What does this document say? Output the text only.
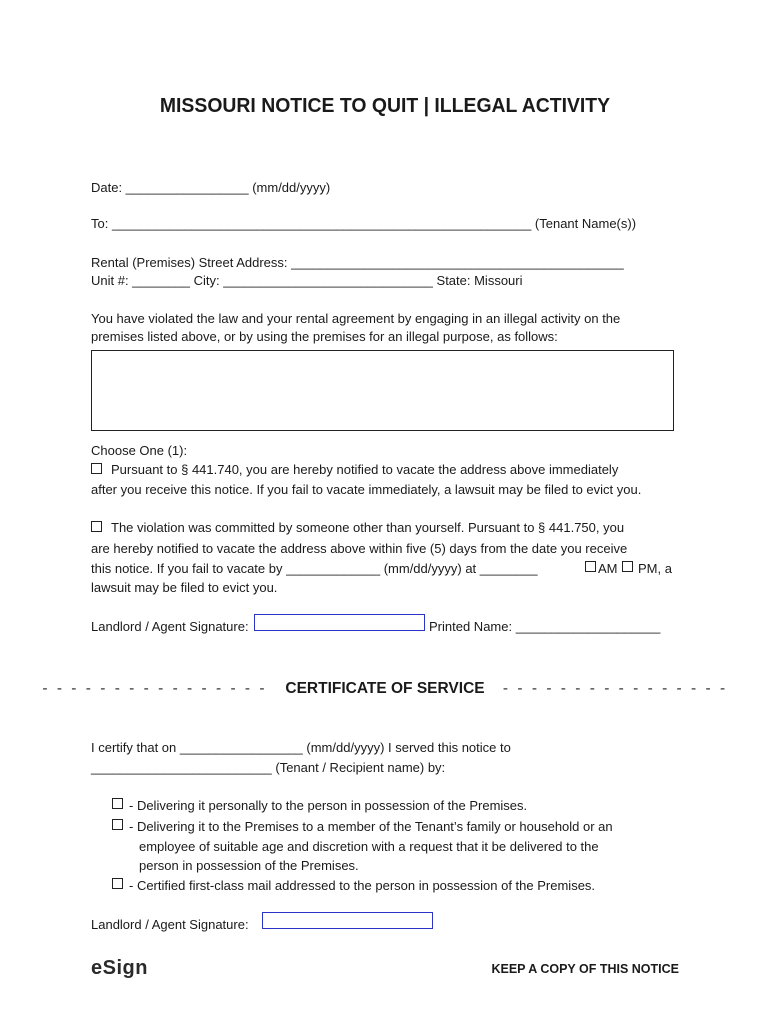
MISSOURI NOTICE TO QUIT | ILLEGAL ACTIVITY
Date: _________________ (mm/dd/yyyy)
To: __________________________________________________________ (Tenant Name(s))
Rental (Premises) Street Address: ______________________________________________
Unit #: ________ City: _____________________________ State: Missouri
You have violated the law and your rental agreement by engaging in an illegal activity on the
premises listed above, or by using the premises for an illegal purpose, as follows:
Choose One (1):
Pursuant to § 441.740, you are hereby notified to vacate the address above immediately
after you receive this notice. If you fail to vacate immediately, a lawsuit may be filed to evict you.
The violation was committed by someone other than yourself. Pursuant to § 441.750, you
are hereby notified to vacate the address above within five (5) days from the date you receive
this notice. If you fail to vacate by _____________ (mm/dd/yyyy) at ________	AM PM, a
lawsuit may be filed to evict you.
Landlord / Agent Signature:	Printed Name: ____________________
- - - - - - - - - - - - - - - - CERTIFICATE OF SERVICE - - - - - - - - - - - - - - - -
I certify that on _________________ (mm/dd/yyyy) I served this notice to
_________________________ (Tenant / Recipient name) by:
- Delivering it personally to the person in possession of the Premises.
- Delivering it to the Premises to a member of the Tenant’s family or household or an
employee of suitable age and discretion with a request that it be delivered to the
person in possession of the Premises.
- Certified first-class mail addressed to the person in possession of the Premises.
Landlord / Agent Signature:
eSign	KEEP A COPY OF THIS NOTICE
